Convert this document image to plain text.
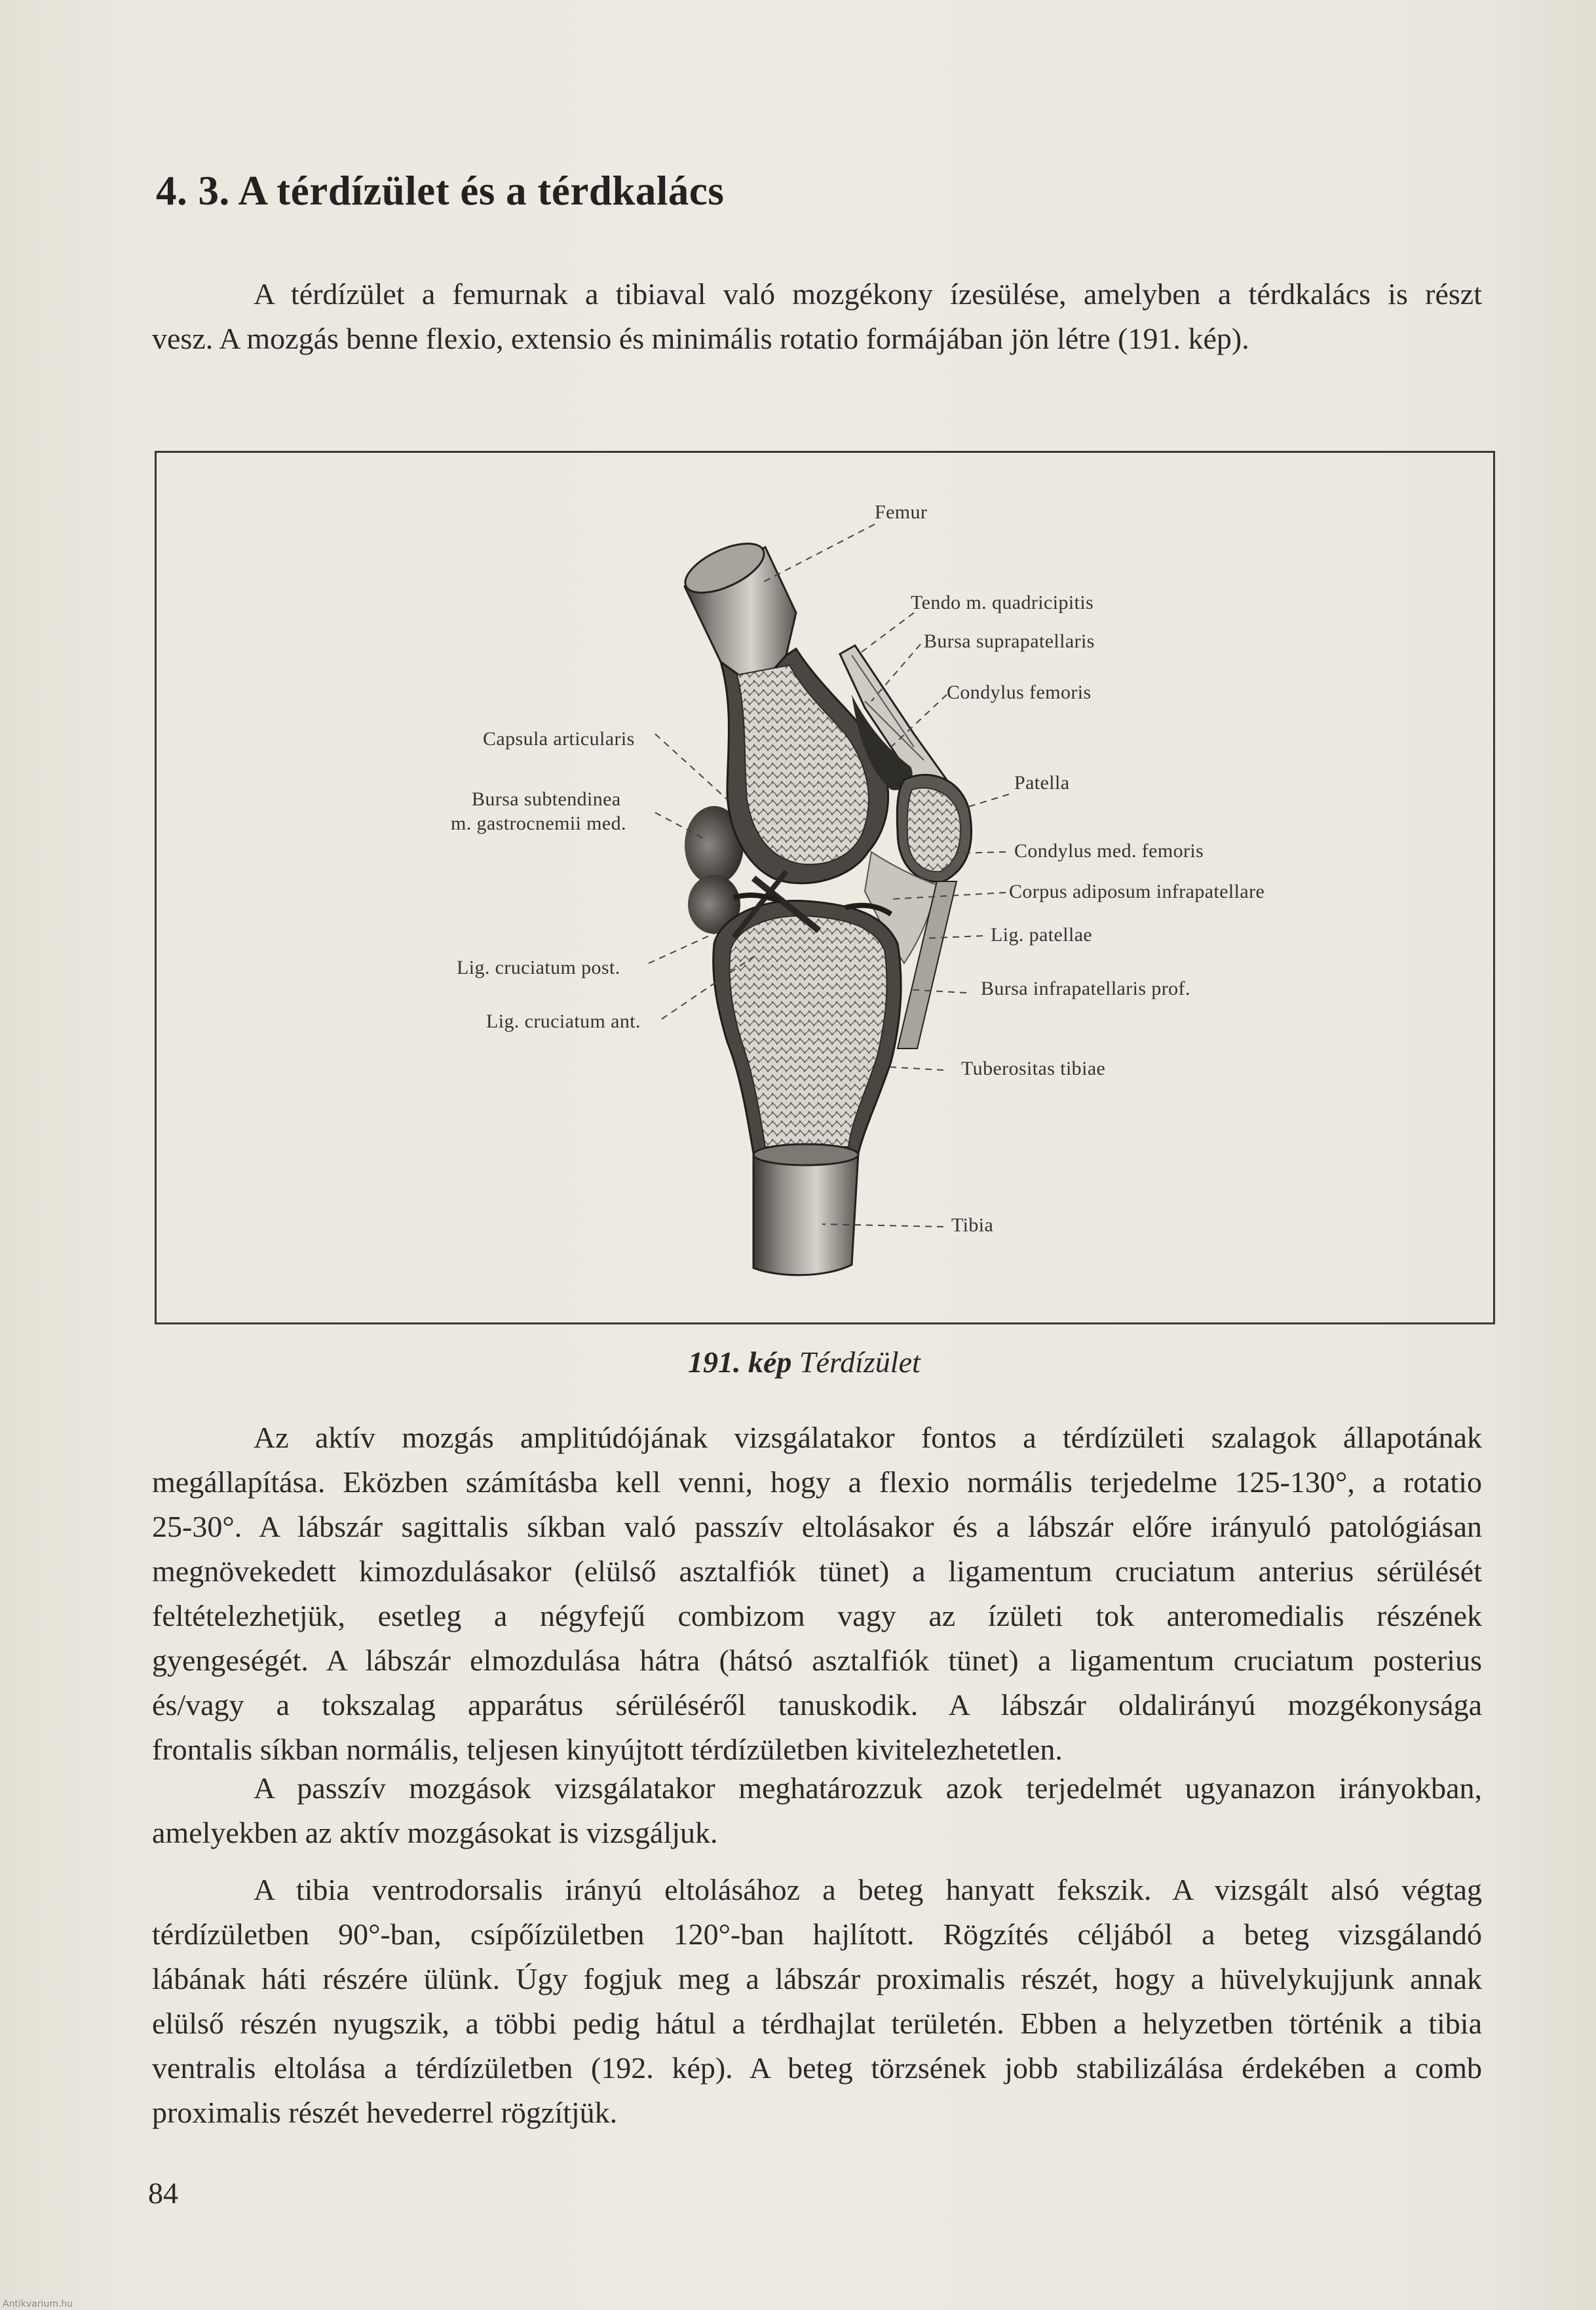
4. 3. A térdízület és a térdkalács
A térdízület a femurnak a tibiaval való mozgékony ízesülése, amelyben a térdkalács is részt
vesz. A mozgás benne flexio, extensio és minimális rotatio formájában jön létre (191. kép).
Femur
Tendo m. quadricipitis
Bursa suprapatellaris
Condylus femoris
Capsula articularis
Bursa subtendinea
m. gastrocnemii med.
Patella
Condylus med. femoris
Corpus adiposum infrapatellare
Lig. patellae
Lig. cruciatum post.
Bursa infrapatellaris prof.
Lig. cruciatum ant.
Tuberositas tibiae
Tibia
191. kép Térdízület
Az aktív mozgás amplitúdójának vizsgálatakor fontos a térdízületi szalagok állapotának
megállapítása. Eközben számításba kell venni, hogy a flexio normális terjedelme 125-130°, a rotatio
25-30°. A lábszár sagittalis síkban való passzív eltolásakor és a lábszár előre irányuló patológiásan
megnövekedett kimozdulásakor (elülső asztalfiók tünet) a ligamentum cruciatum anterius sérülését
feltételezhetjük, esetleg a négyfejű combizom vagy az ízületi tok anteromedialis részének
gyengeségét. A lábszár elmozdulása hátra (hátsó asztalfiók tünet) a ligamentum cruciatum posterius
és/vagy a tokszalag apparátus sérüléséről tanuskodik. A lábszár oldalirányú mozgékonysága
frontalis síkban normális, teljesen kinyújtott térdízületben kivitelezhetetlen.
A passzív mozgások vizsgálatakor meghatározzuk azok terjedelmét ugyanazon irányokban,
amelyekben az aktív mozgásokat is vizsgáljuk.
A tibia ventrodorsalis irányú eltolásához a beteg hanyatt fekszik. A vizsgált alsó végtag
térdízületben 90°-ban, csípőízületben 120°-ban hajlított. Rögzítés céljából a beteg vizsgálandó
lábának háti részére ülünk. Úgy fogjuk meg a lábszár proximalis részét, hogy a hüvelykujjunk annak
elülső részén nyugszik, a többi pedig hátul a térdhajlat területén. Ebben a helyzetben történik a tibia
ventralis eltolása a térdízületben (192. kép). A beteg törzsének jobb stabilizálása érdekében a comb
proximalis részét hevederrel rögzítjük.
84
Antikvarium.hu
